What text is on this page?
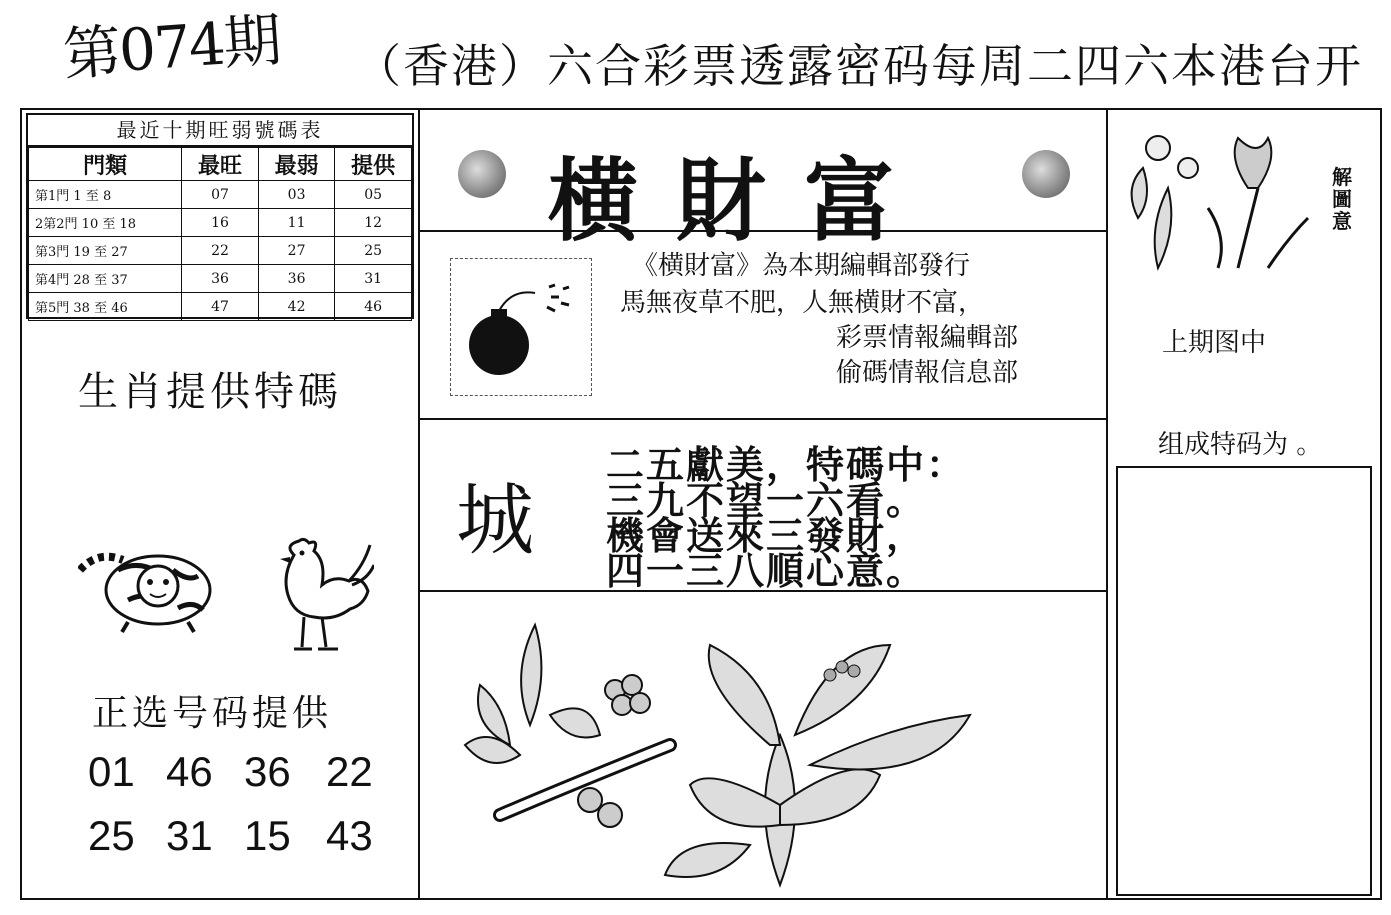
第074期 （香港）六合彩票透露密码每周二四六本港台开
最近十期旺弱號碼表
門類	最旺	最弱	提供
第1門 1 至 8	07	03	05
2第2門 10 至 18	16	11	12
第3門 19 至 27	22	27	25
第4門 28 至 37	36	36	31
第5門 38 至 46	47	42	46
生肖提供特碼
正选号码提供
01 46 36 22
25 31 15 43
横財富
《横財富》為本期編輯部發行
馬無夜草不肥，人無横財不富，
彩票情報編輯部
偷碼情報信息部
城
二五獻美，特碼中：
三九不望一六看。
機會送來三發財，
四一三八順心意。
解圖意
上期图中
组成特码为 。
